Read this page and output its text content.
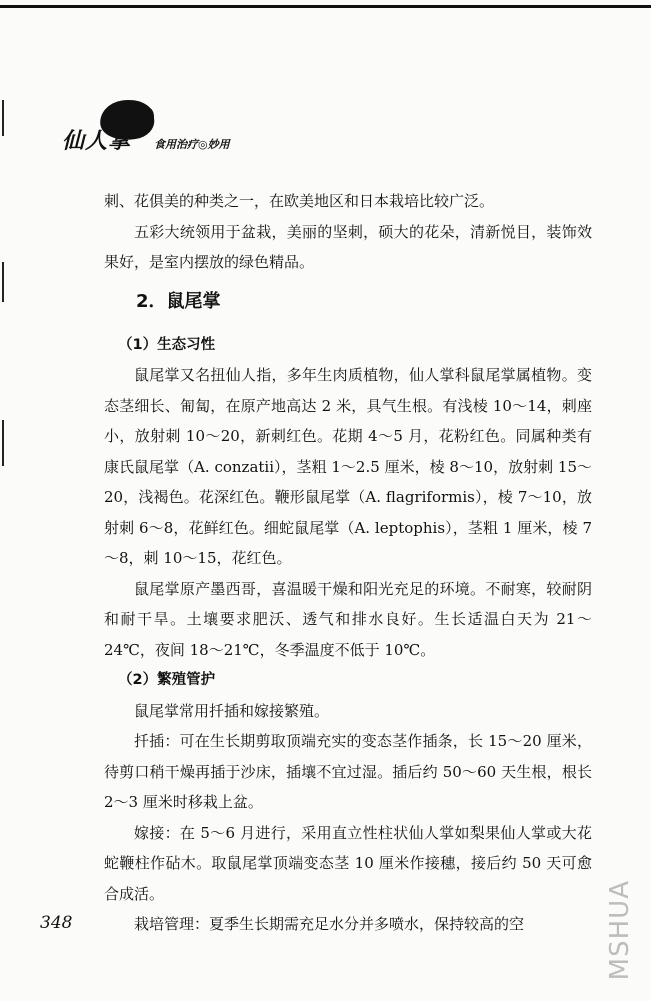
仙人掌 食用治疗◎妙用

刺、花俱美的种类之一，在欧美地区和日本栽培比较广泛。

五彩大统领用于盆栽，美丽的坚刺，硕大的花朵，清新悦目，装饰效果好，是室内摆放的绿色精品。

2．鼠尾掌

（1）生态习性

鼠尾掌又名扭仙人指，多年生肉质植物，仙人掌科鼠尾掌属植物。变态茎细长、匍匐，在原产地高达 2 米，具气生根。有浅棱 10～14，刺座小，放射刺 10～20，新刺红色。花期 4～5 月，花粉红色。同属种类有康氏鼠尾掌（A. conzatii），茎粗 1～2.5 厘米，棱 8～10，放射刺 15～20，浅褐色。花深红色。鞭形鼠尾掌（A. flagriformis），棱 7～10，放射刺 6～8，花鲜红色。细蛇鼠尾掌（A. leptophis），茎粗 1 厘米，棱 7～8，刺 10～15，花红色。

鼠尾掌原产墨西哥，喜温暖干燥和阳光充足的环境。不耐寒，较耐阴和耐干旱。土壤要求肥沃、透气和排水良好。生长适温白天为 21～24℃，夜间 18～21℃，冬季温度不低于 10℃。

（2）繁殖管护

鼠尾掌常用扦插和嫁接繁殖。

扦插：可在生长期剪取顶端充实的变态茎作插条，长 15～20 厘米，待剪口稍干燥再插于沙床，插壤不宜过湿。插后约 50～60 天生根，根长 2～3 厘米时移栽上盆。

嫁接：在 5～6 月进行，采用直立性柱状仙人掌如梨果仙人掌或大花蛇鞭柱作砧木。取鼠尾掌顶端变态茎 10 厘米作接穗，接后约 50 天可愈合成活。

栽培管理：夏季生长期需充足水分并多喷水，保持较高的空

348	MSHUA
